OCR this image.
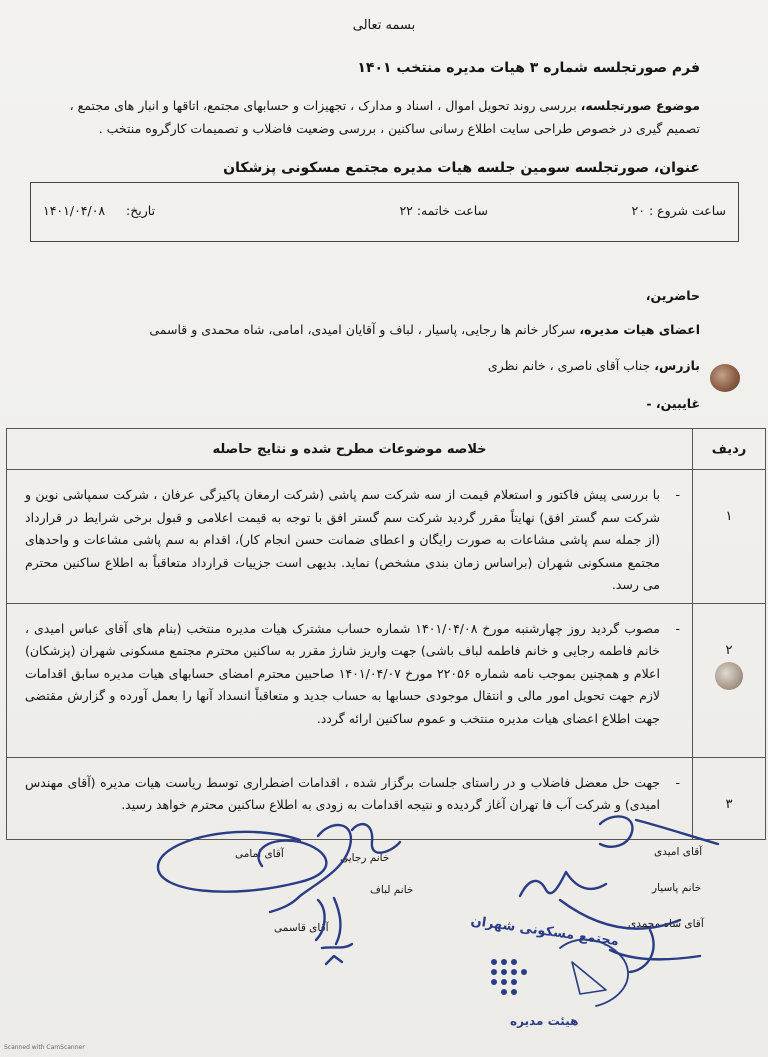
بسمه تعالی
فرم صورتجلسه شماره ۳ هیات مدیره منتخب ۱۴۰۱
موضوع صورتجلسه، بررسی روند تحویل اموال ، اسناد و مدارک ، تجهیزات و حسابهای مجتمع، اتاقها و انبار های مجتمع ، تصمیم گیری در خصوص طراحی سایت اطلاع رسانی ساکنین ، بررسی وضعیت فاضلاب و تصمیمات کارگروه منتخب .
عنوان، صورتجلسه سومین جلسه هیات مدیره مجتمع مسکونی پزشکان
ساعت شروع : ۲۰
ساعت خاتمه: ۲۲
تاریخ:
۱۴۰۱/۰۴/۰۸
حاضرین،
اعضای هیات مدیره، سرکار خانم ها رجایی، پاسیار ، لباف و آقایان امیدی، امامی، شاه محمدی و قاسمی
بازرس، جناب آقای ناصری ، خانم نظری
غایبین، -
ردیف	خلاصه موضوعات مطرح شده و نتایج حاصله

۱	-

با بررسی پیش فاکتور و استعلام قیمت از سه شرکت سم پاشی (شرکت ارمغان پاکیزگی عرفان ، شرکت سمپاشی نوین و شرکت سم گستر افق) نهایتاً مقرر گردید شرکت سم گستر افق با توجه به قیمت اعلامی و قبول برخی شرایط در قرارداد (از جمله سم پاشی مشاعات به صورت رایگان و اعطای ضمانت حسن انجام کار)، اقدام به سم پاشی مشاعات و واحدهای مجتمع مسکونی شهران (براساس زمان بندی مشخص) نماید. بدیهی است جزییات قرارداد متعاقباً به اطلاع ساکنین محترم می رسد.

۲	-

مصوب گردید روز چهارشنبه مورخ ۱۴۰۱/۰۴/۰۸ شماره حساب مشترک هیات مدیره منتخب (بنام های آقای عباس امیدی ، خانم فاطمه رجایی و خانم فاطمه لباف باشی) جهت واریز شارژ مقرر به ساکنین محترم مجتمع مسکونی شهران (پزشکان) اعلام و همچنین بموجب نامه شماره ۲۲۰۵۶ مورخ ۱۴۰۱/۰۴/۰۷ صاحبین محترم امضای حسابهای هیات مدیره سابق اقدامات لازم جهت تحویل امور مالی و انتقال موجودی حسابها به حساب جدید و متعاقباً انسداد آنها را بعمل آورده و گزارش مقتضی جهت اطلاع اعضای هیات مدیره منتخب و عموم ساکنین ارائه گردد.

۳	-

جهت حل معضل فاضلاب و در راستای جلسات برگزار شده ، اقدامات اضطراری توسط ریاست هیات مدیره (آقای مهندس امیدی) و شرکت آب فا تهران آغاز گردیده و نتیجه اقدامات به زودی به اطلاع ساکنین محترم خواهد رسید.

آقای امامی	خانم رجایی	آقای امیدی
خانم لباف	خانم پاسیار
آقای قاسمی	آقای شاه محمدی
مجتمع مسکونی شهران
هیئت مدیره
Scanned with CamScanner
